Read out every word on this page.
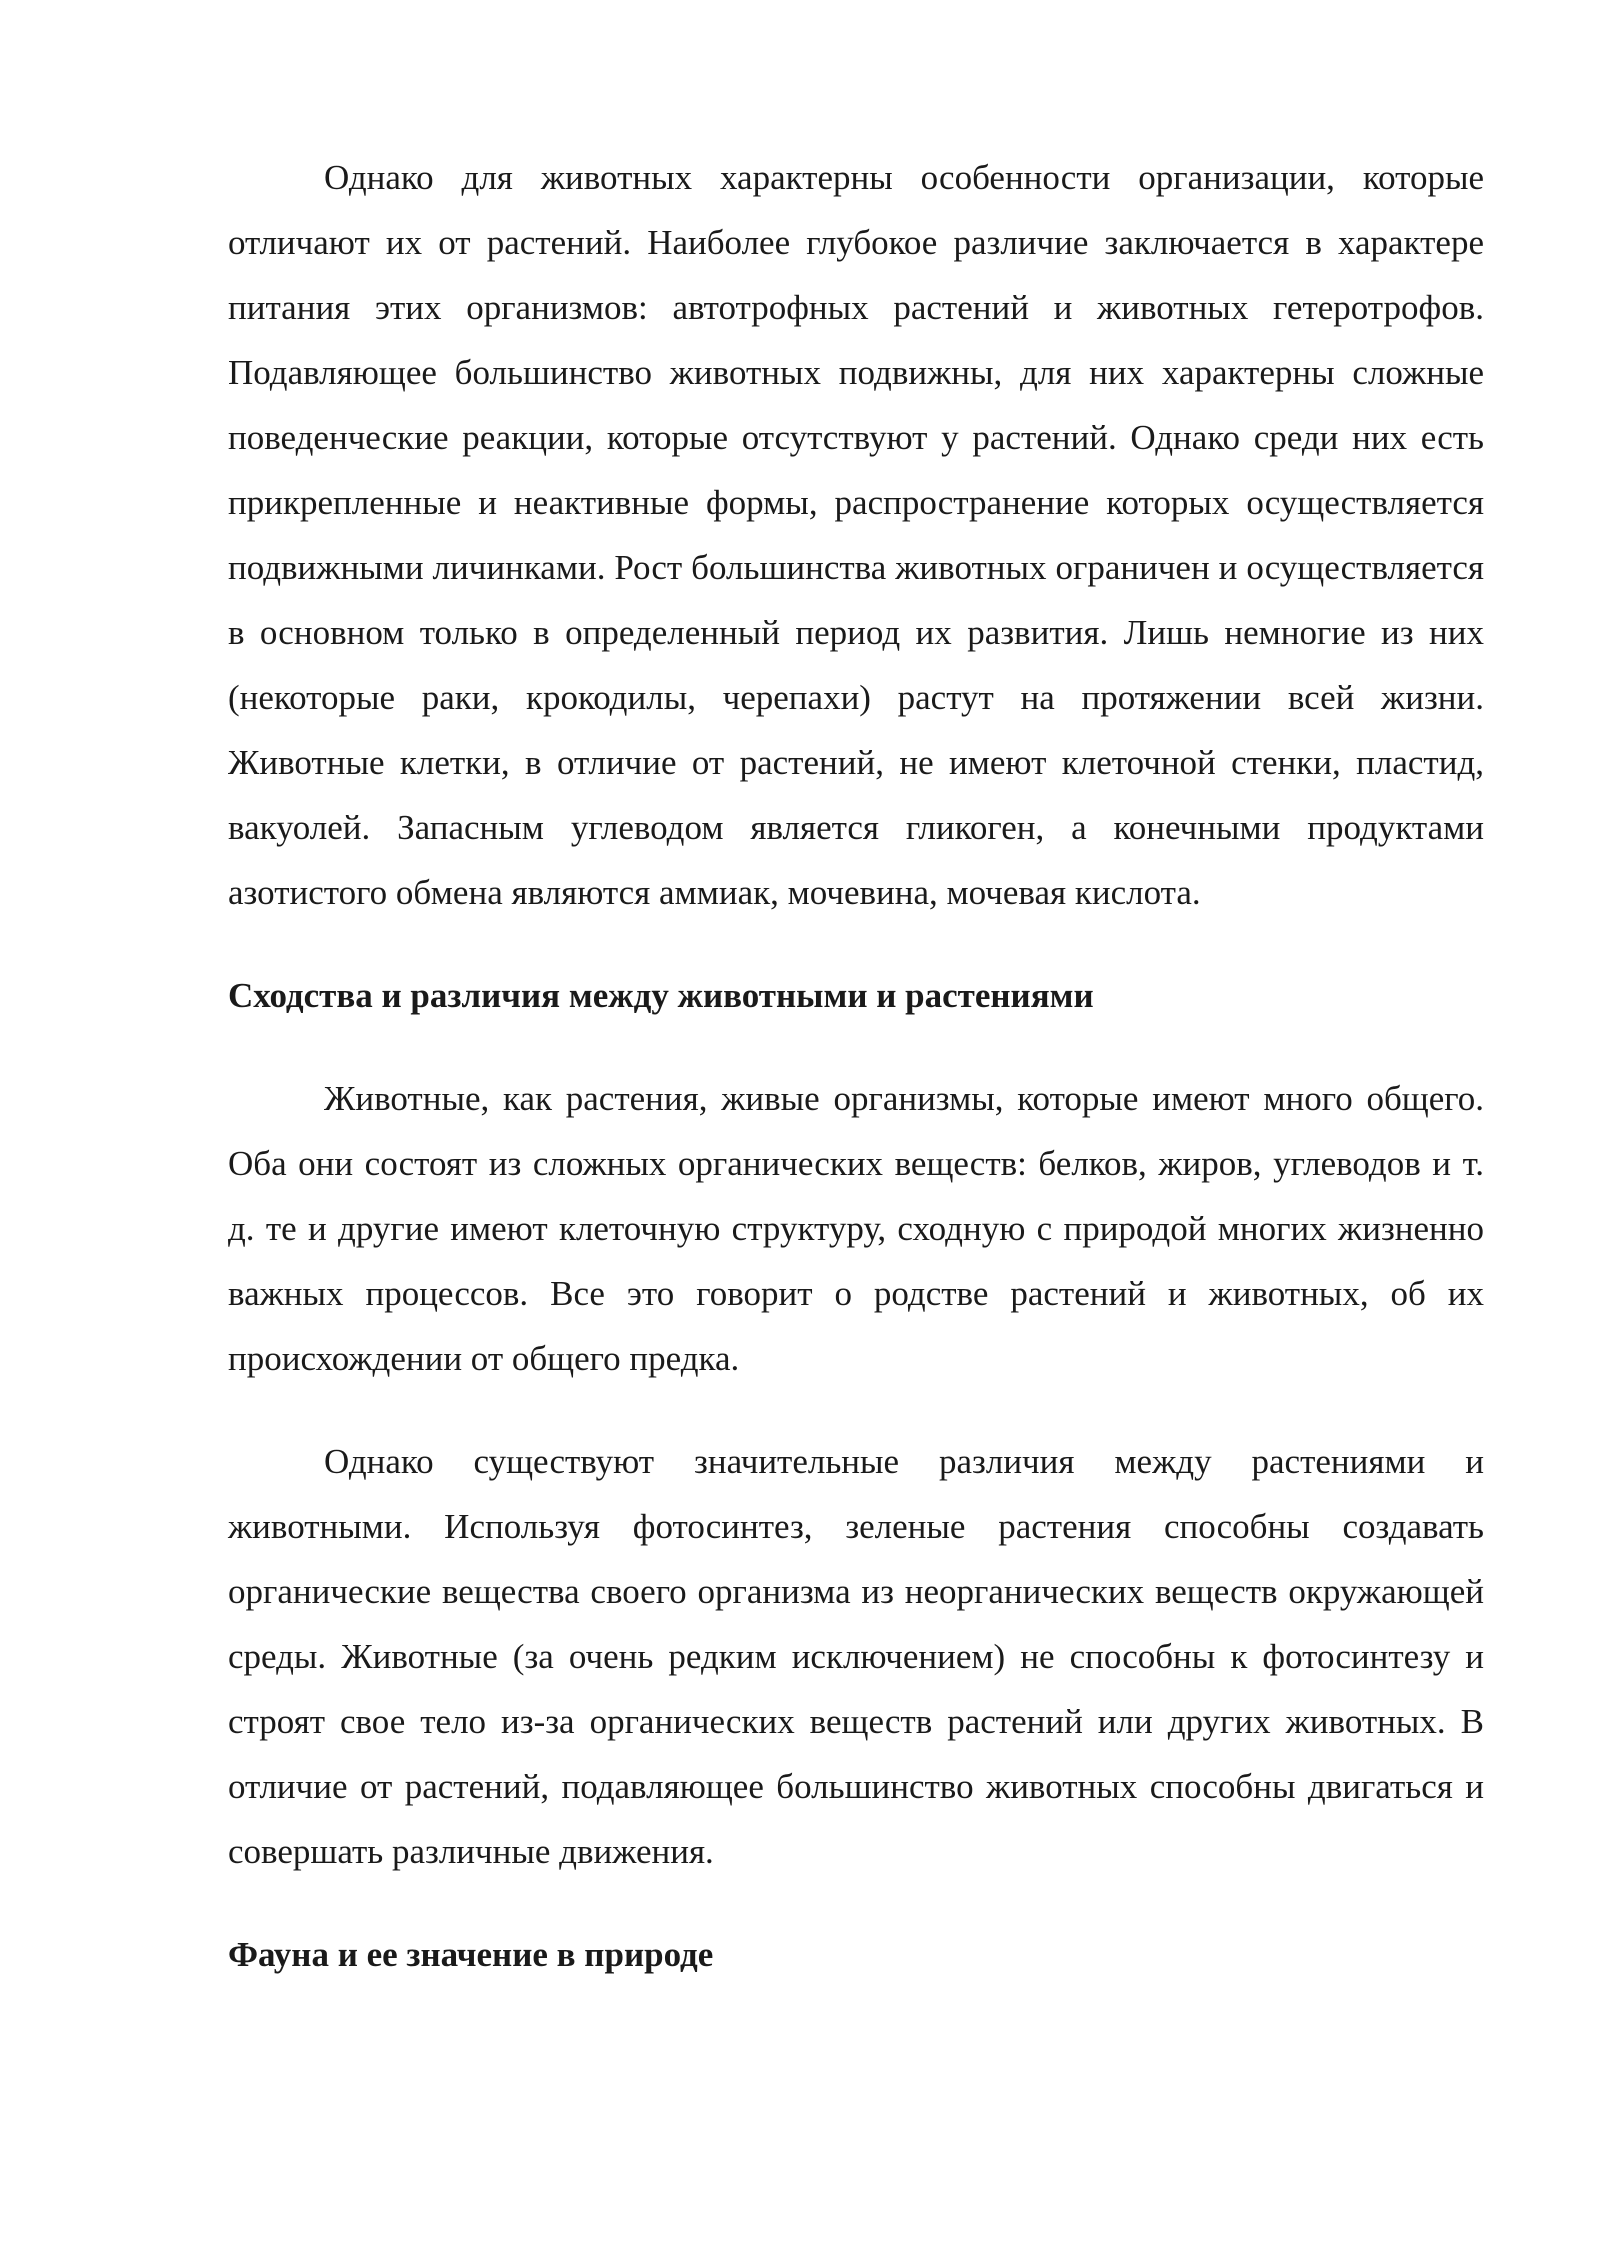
Однако для животных характерны особенности организации, которые отличают их от растений. Наиболее глубокое различие заключается в характере питания этих организмов: автотрофных растений и животных гетеротрофов. Подавляющее большинство животных подвижны, для них характерны сложные поведенческие реакции, которые отсутствуют у растений. Однако среди них есть прикрепленные и неактивные формы, распространение которых осуществляется подвижными личинками. Рост большинства животных ограничен и осуществляется в основном только в определенный период их развития. Лишь немногие из них (некоторые раки, крокодилы, черепахи) растут на протяжении всей жизни. Животные клетки, в отличие от растений, не имеют клеточной стенки, пластид, вакуолей. Запасным углеводом является гликоген, а конечными продуктами азотистого обмена являются аммиак, мочевина, мочевая кислота.

Сходства и различия между животными и растениями

Животные, как растения, живые организмы, которые имеют много общего. Оба они состоят из сложных органических веществ: белков, жиров, углеводов и т. д. те и другие имеют клеточную структуру, сходную с природой многих жизненно важных процессов. Все это говорит о родстве растений и животных, об их происхождении от общего предка.

Однако существуют значительные различия между растениями и животными. Используя фотосинтез, зеленые растения способны создавать органические вещества своего организма из неорганических веществ окружающей среды. Животные (за очень редким исключением) не способны к фотосинтезу и строят свое тело из-за органических веществ растений или других животных. В отличие от растений, подавляющее большинство животных способны двигаться и совершать различные движения.

Фауна и ее значение в природе
